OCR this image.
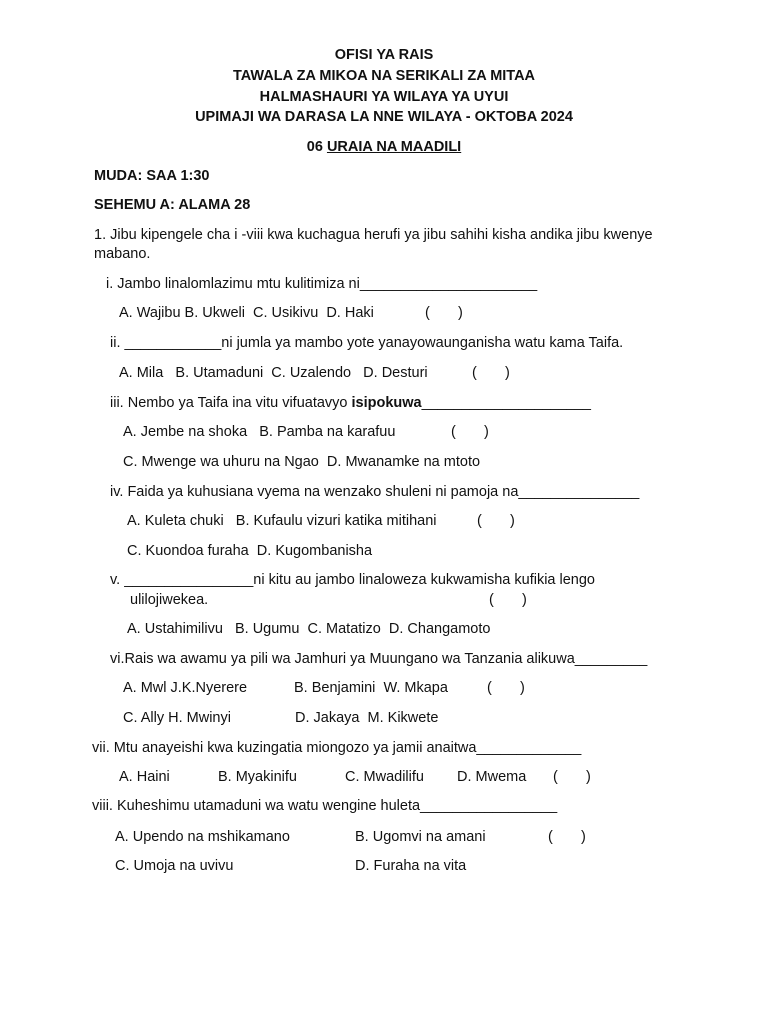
OFISI YA RAIS
TAWALA ZA MIKOA NA SERIKALI ZA MITAA
HALMASHAURI YA WILAYA YA UYUI
UPIMAJI WA DARASA LA NNE WILAYA - OKTOBA 2024
06 URAIA NA MAADILI
MUDA: SAA 1:30
SEHEMU A: ALAMA 28
1. Jibu kipengele cha i -viii kwa kuchagua herufi ya jibu sahihi kisha andika jibu kwenye
mabano.
i. Jambo linalomlazimu mtu kulitimiza ni______________________
A. Wajibu B. Ukweli  C. Usikivu  D. Haki	(       )
ii. ____________ni jumla ya mambo yote yanayowaunganisha watu kama Taifa.
A. Mila   B. Utamaduni  C. Uzalendo   D. Desturi	(       )
iii. Nembo ya Taifa ina vitu vifuatavyo isipokuwa_____________________
A. Jembe na shoka   B. Pamba na karafuu	(       )
C. Mwenge wa uhuru na Ngao  D. Mwanamke na mtoto
iv. Faida ya kuhusiana vyema na wenzako shuleni ni pamoja na_______________
A. Kuleta chuki   B. Kufaulu vizuri katika mitihani	(       )
C. Kuondoa furaha  D. Kugombanisha
v. ________________ni kitu au jambo linaloweza kukwamisha kufikia lengo
ulilojiwekea.	(       )
A. Ustahimilivu   B. Ugumu  C. Matatizo  D. Changamoto
vi.Rais wa awamu ya pili wa Jamhuri ya Muungano wa Tanzania alikuwa_________
A. Mwl J.K.Nyerere	B. Benjamini  W. Mkapa	(       )
C. Ally H. Mwinyi	D. Jakaya  M. Kikwete
vii. Mtu anayeishi kwa kuzingatia miongozo ya jamii anaitwa_____________
A. Haini	B. Myakinifu	C. Mwadilifu D. Mwema (       )
viii. Kuheshimu utamaduni wa watu wengine huleta_________________
A. Upendo na mshikamano	B. Ugomvi na amani	(       )
C. Umoja na uvivu	D. Furaha na vita
